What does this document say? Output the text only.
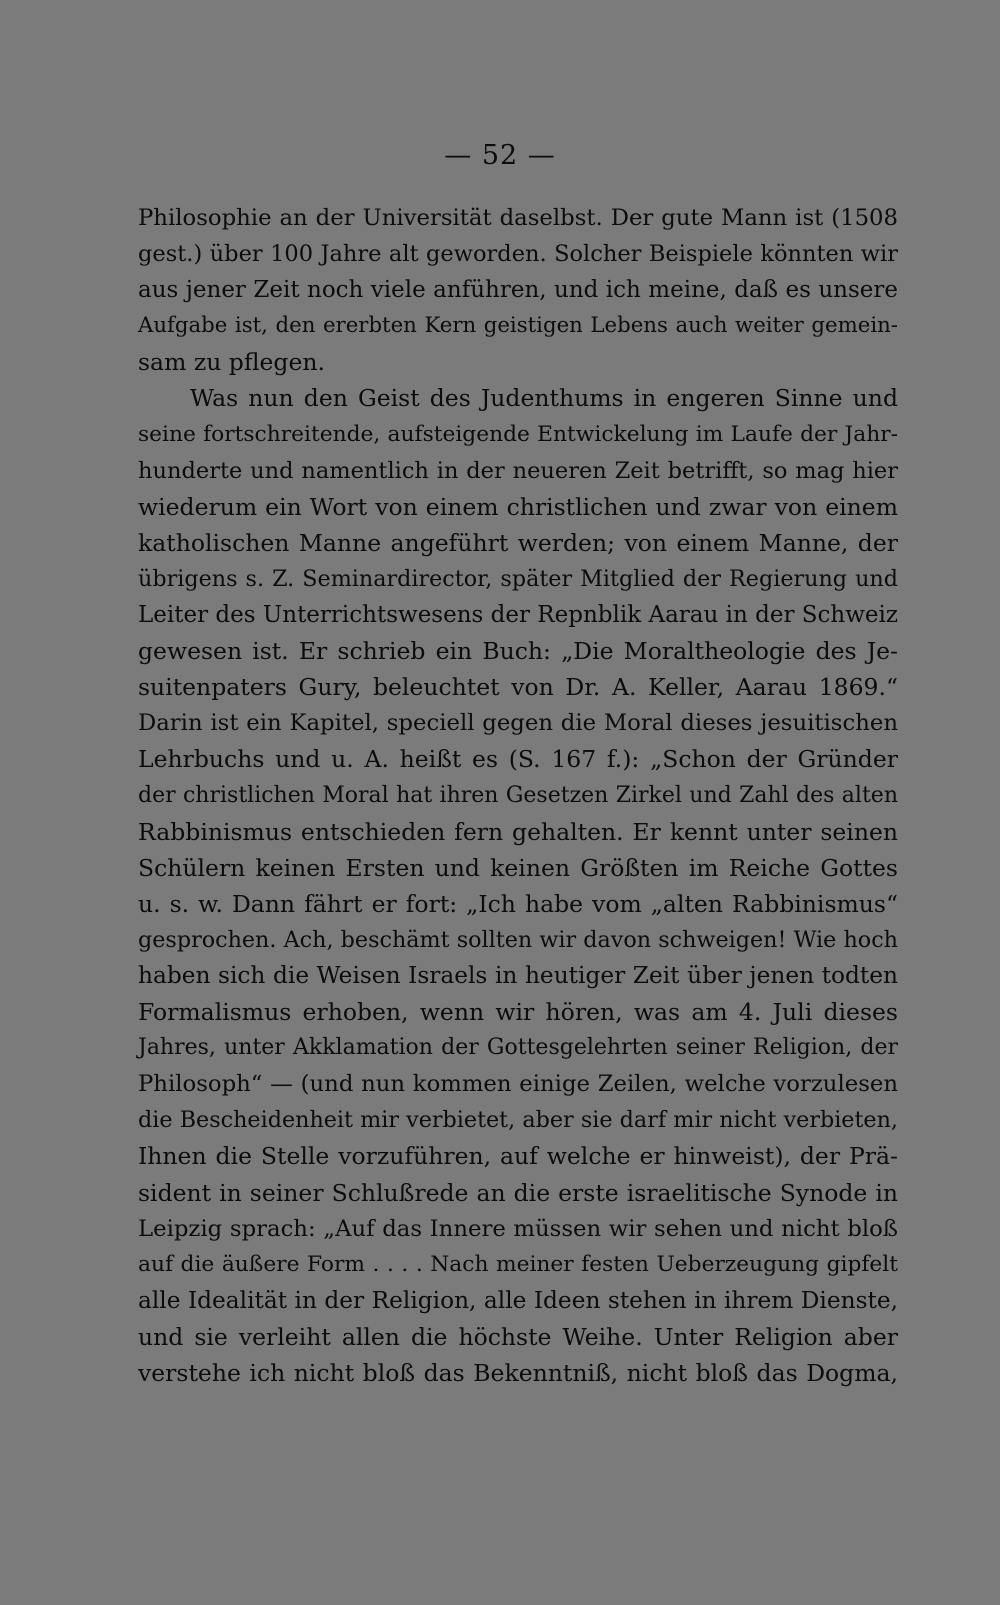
— 52 —
Philosophie an der Universität daselbst. Der gute Mann ist (1508
gest.) über 100 Jahre alt geworden. Solcher Beispiele könnten wir
aus jener Zeit noch viele anführen, und ich meine, daß es unsere
Aufgabe ist, den ererbten Kern geistigen Lebens auch weiter gemein-
sam zu pflegen.
Was nun den Geist des Judenthums in engeren Sinne und
seine fortschreitende, aufsteigende Entwickelung im Laufe der Jahr-
hunderte und namentlich in der neueren Zeit betrifft, so mag hier
wiederum ein Wort von einem christlichen und zwar von einem
katholischen Manne angeführt werden; von einem Manne, der
übrigens s. Z. Seminardirector, später Mitglied der Regierung und
Leiter des Unterrichtswesens der Repnblik Aarau in der Schweiz
gewesen ist. Er schrieb ein Buch: „Die Moraltheologie des Je-
suitenpaters Gury, beleuchtet von Dr. A. Keller, Aarau 1869.“
Darin ist ein Kapitel, speciell gegen die Moral dieses jesuitischen
Lehrbuchs und u. A. heißt es (S. 167 f.): „Schon der Gründer
der christlichen Moral hat ihren Gesetzen Zirkel und Zahl des alten
Rabbinismus entschieden fern gehalten. Er kennt unter seinen
Schülern keinen Ersten und keinen Größten im Reiche Gottes
u. s. w. Dann fährt er fort: „Ich habe vom „alten Rabbinismus“
gesprochen. Ach, beschämt sollten wir davon schweigen! Wie hoch
haben sich die Weisen Israels in heutiger Zeit über jenen todten
Formalismus erhoben, wenn wir hören, was am 4. Juli dieses
Jahres, unter Akklamation der Gottesgelehrten seiner Religion, der
Philosoph“ — (und nun kommen einige Zeilen, welche vorzulesen
die Bescheidenheit mir verbietet, aber sie darf mir nicht verbieten,
Ihnen die Stelle vorzuführen, auf welche er hinweist), der Prä-
sident in seiner Schlußrede an die erste israelitische Synode in
Leipzig sprach: „Auf das Innere müssen wir sehen und nicht bloß
auf die äußere Form . . . . Nach meiner festen Ueberzeugung gipfelt
alle Idealität in der Religion, alle Ideen stehen in ihrem Dienste,
und sie verleiht allen die höchste Weihe. Unter Religion aber
verstehe ich nicht bloß das Bekenntniß, nicht bloß das Dogma,
